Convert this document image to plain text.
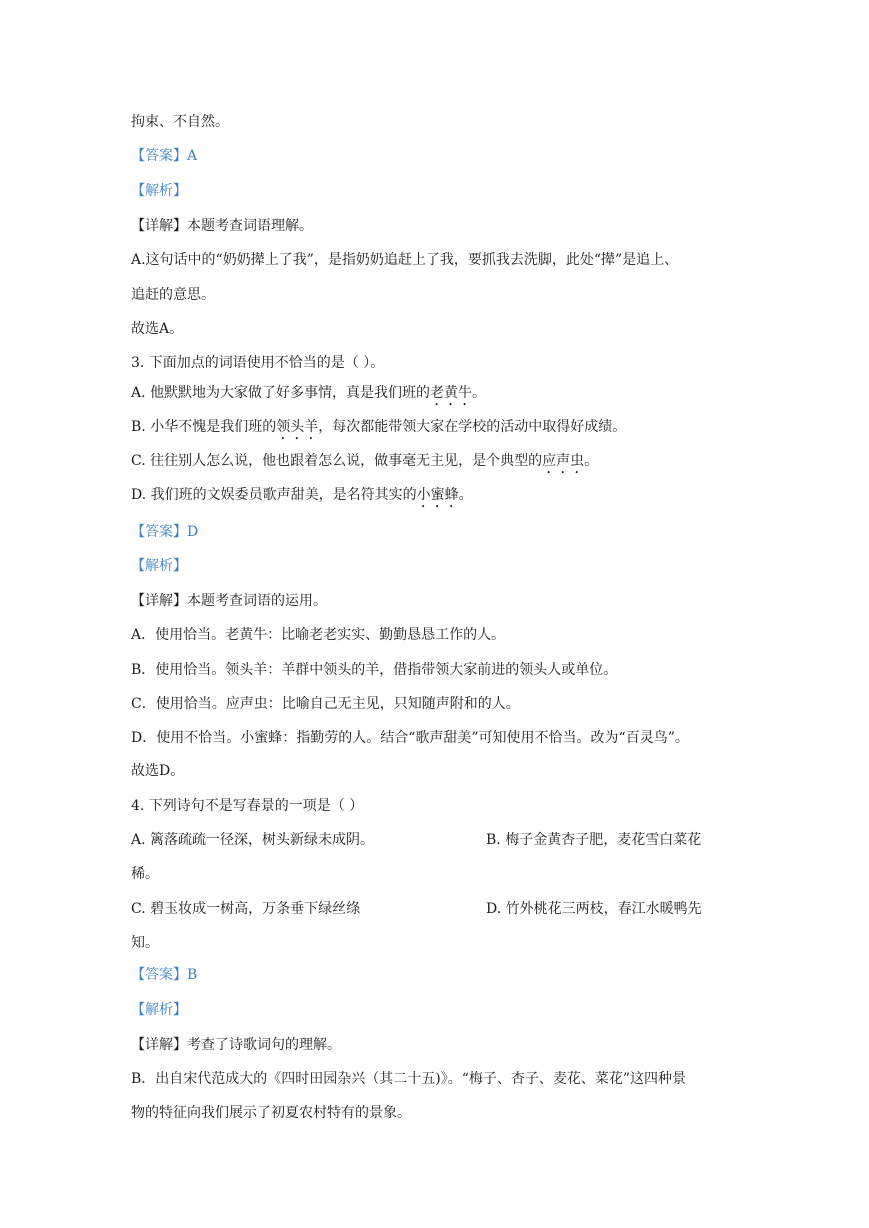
拘束、不自然。
【答案】A
【解析】
【详解】本题考查词语理解。
A.这句话中的“奶奶撵上了我”，是指奶奶追赶上了我，要抓我去洗脚，此处“撵”是追上、
追赶的意思。
故选A。
3. 下面加点的词语使用不恰当的是（ ）。
A. 他默默地为大家做了好多事情，真是我们班的老黄牛。
B. 小华不愧是我们班的领头羊，每次都能带领大家在学校的活动中取得好成绩。
C. 往往别人怎么说，他也跟着怎么说，做事毫无主见，是个典型的应声虫。
D. 我们班的文娱委员歌声甜美，是名符其实的小蜜蜂。
【答案】D
【解析】
【详解】本题考查词语的运用。
A．使用恰当。老黄牛：比喻老老实实、勤勤恳恳工作的人。
B．使用恰当。领头羊：羊群中领头的羊，借指带领大家前进的领头人或单位。
C．使用恰当。应声虫：比喻自己无主见，只知随声附和的人。
D．使用不恰当。小蜜蜂：指勤劳的人。结合“歌声甜美”可知使用不恰当。改为“百灵鸟”。
故选D。
4. 下列诗句不是写春景的一项是（ ）
A. 篱落疏疏一径深，树头新绿未成阴。	B. 梅子金黄杏子肥，麦花雪白菜花
稀。
C. 碧玉妆成一树高，万条垂下绿丝绦	D. 竹外桃花三两枝，春江水暖鸭先
知。
【答案】B
【解析】
【详解】考查了诗歌词句的理解。
B．出自宋代范成大的《四时田园杂兴（其二十五)》。“梅子、杏子、麦花、菜花”这四种景
物的特征向我们展示了初夏农村特有的景象。
